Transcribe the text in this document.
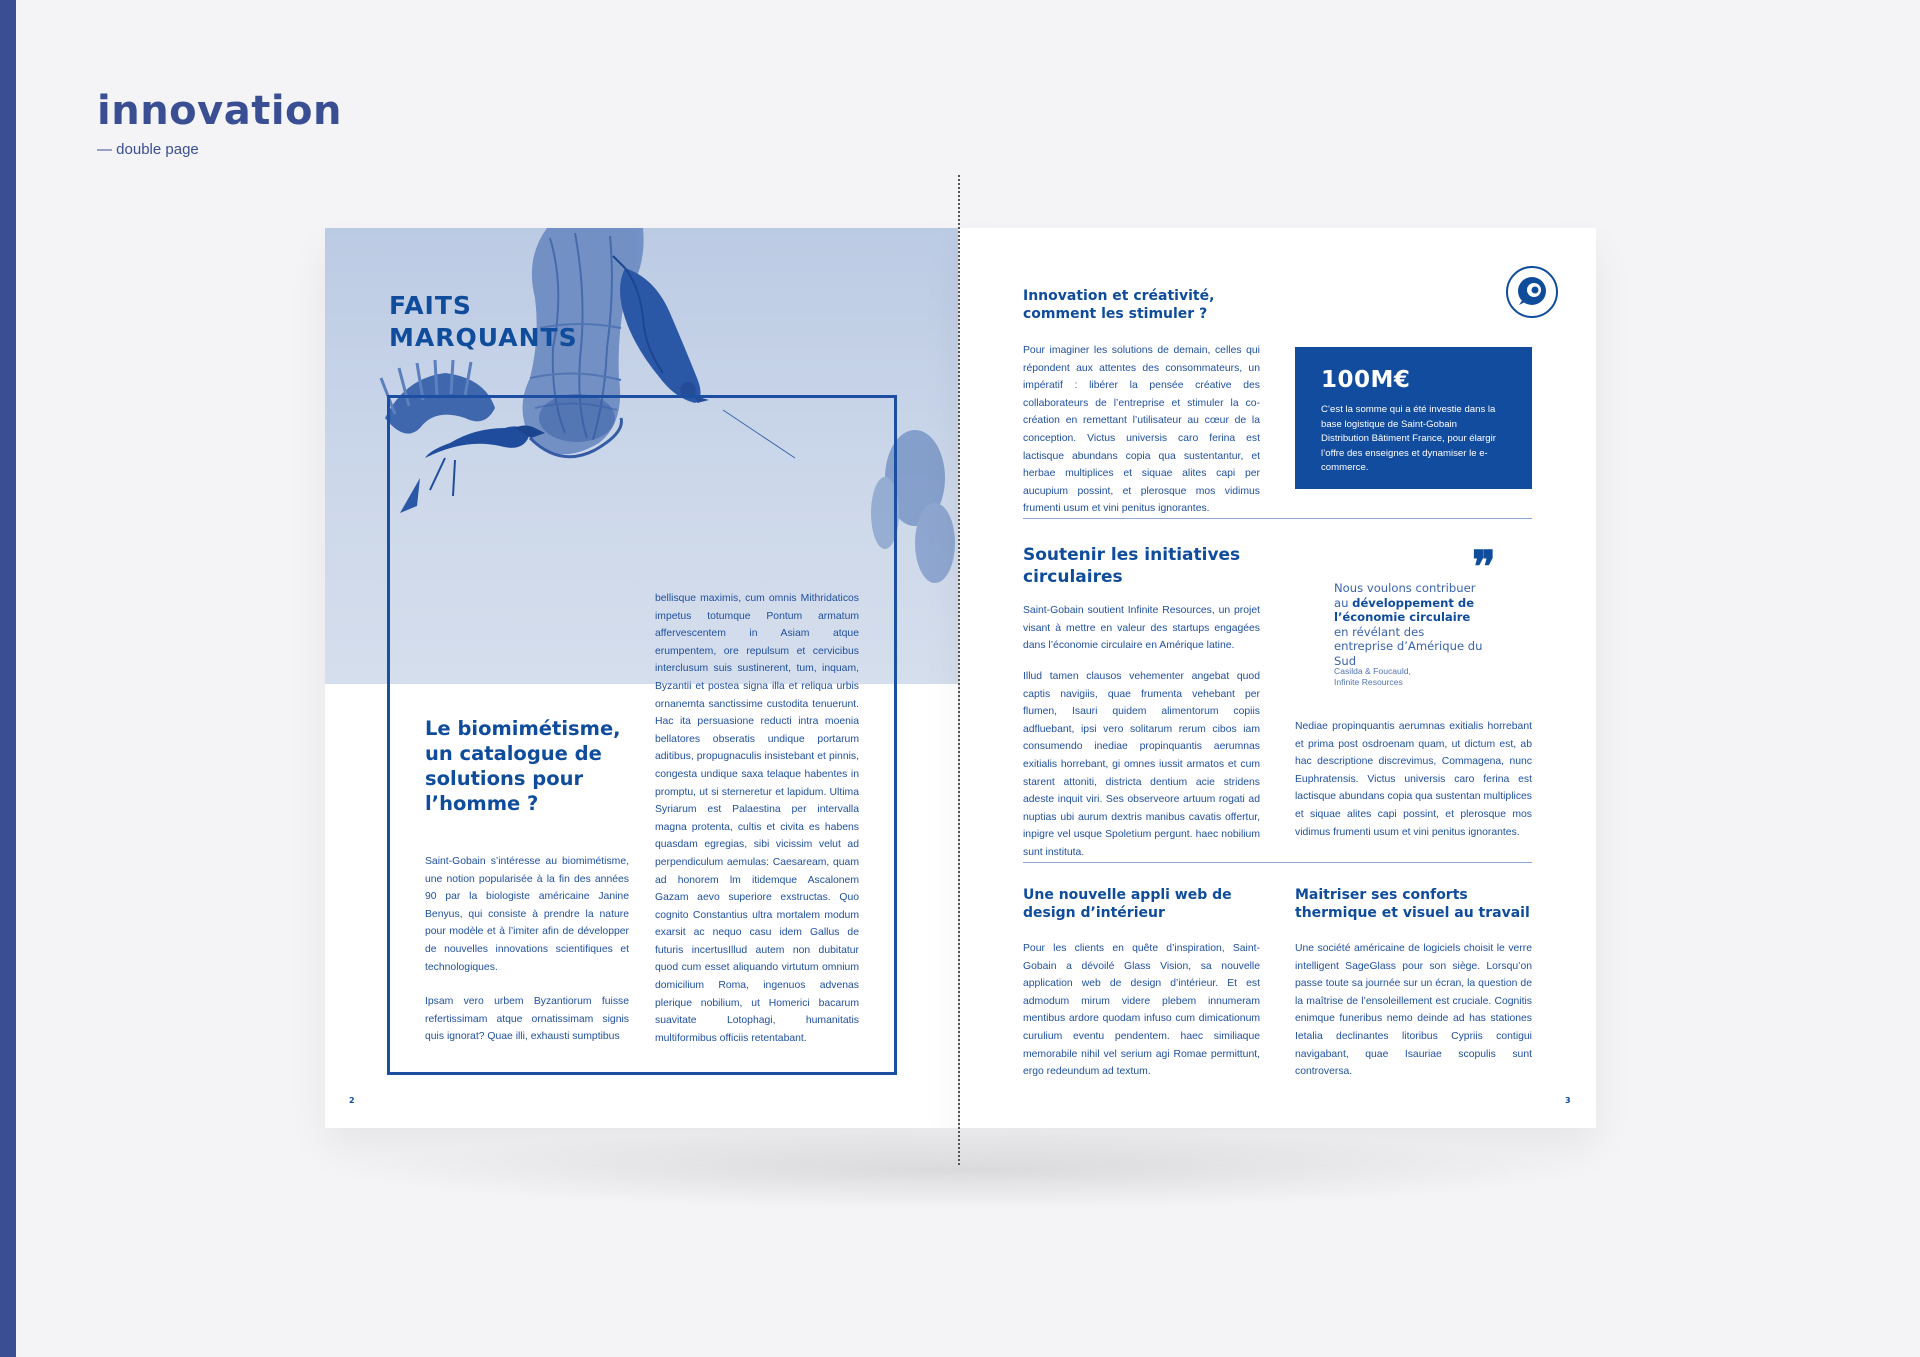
innovation
— double page
FAITS
MARQUANTS
Le biomimétisme, un catalogue de solutions pour l’homme ?

Saint-Gobain s’intéresse au biomimétisme, une notion popularisée à la fin des années 90 par la biologiste américaine Janine Benyus, qui consiste à prendre la nature pour modèle et à l’imiter afin de développer de nouvelles innovations scientifiques et technologiques.

Ipsam vero urbem Byzantiorum fuisse refertissimam atque ornatissimam signis quis ignorat? Quae illi, exhausti sumptibus

bellisque maximis, cum omnis Mithridaticos impetus totumque Pontum armatum affervescentem in Asiam atque erumpentem, ore repulsum et cervicibus interclusum suis sustinerent, tum, inquam, Byzantii et postea signa illa et reliqua urbis ornanemta sanctissime custodita tenuerunt. Hac ita persuasione reducti intra moenia bellatores obseratis undique portarum aditibus, propugnaculis insistebant et pinnis, congesta undique saxa telaque habentes in promptu, ut si sterneretur et lapidum. Ultima Syriarum est Palaestina per intervalla magna protenta, cultis et civita es habens quasdam egregias, sibi vicissim velut ad perpendiculum aemulas: Caesaream, quam ad honorem lm itidemque Ascalonem Gazam aevo superiore exstructas. Quo cognito Constantius ultra mortalem modum exarsit ac nequo casu idem Gallus de futuris incertusIllud autem non dubitatur quod cum esset aliquando virtutum omnium domicilium Roma, ingenuos advenas plerique nobilium, ut Homerici bacarum suavitate Lotophagi, humanitatis multiformibus officiis retentabant.
2
Innovation et créativité, comment les stimuler ?
Pour imaginer les solutions de demain, celles qui répondent aux attentes des consommateurs, un impératif : libérer la pensée créative des collaborateurs de l’entreprise et stimuler la co-création en remettant l’utilisateur au cœur de la conception. Victus universis caro ferina est lactisque abundans copia qua sustentantur, et herbae multiplices et siquae alites capi per aucupium possint, et plerosque mos vidimus frumenti usum et vini penitus ignorantes.
100M€
C’est la somme qui a été investie dans la base logistique de Saint-Gobain Distribution Bâtiment France, pour élargir l’offre des enseignes et dynamiser le e-commerce.
Soutenir les initiatives circulaires
Saint-Gobain soutient Infinite Resources, un projet visant à mettre en valeur des startups engagées dans l’économie circulaire en Amérique latine.
Illud tamen clausos vehementer angebat quod captis navigiis, quae frumenta vehebant per flumen, Isauri quidem alimentorum copiis adfluebant, ipsi vero solitarum rerum cibos iam consumendo inediae propinquantis aerumnas exitialis horrebant, gi omnes iussit armatos et cum starent attoniti, districta dentium acie stridens adeste inquit viri. Ses observeore artuum rogati ad nuptias ubi aurum dextris manibus cavatis offertur, inpigre vel usque Spoletium pergunt. haec nobilium sunt instituta.
❞
Nous voulons contribuer au développement de l’économie circulaire en révélant des entreprise d’Amérique du Sud
Casilda & Foucauld,
Infinite Resources
Nediae propinquantis aerumnas exitialis horrebant et prima post osdroenam quam, ut dictum est, ab hac descriptione discrevimus, Commagena, nunc Euphratensis. Victus universis caro ferina est lactisque abundans copia qua sustentan multiplices et siquae alites capi possint, et plerosque mos vidimus frumenti usum et vini penitus ignorantes.
Une nouvelle appli web de design d’intérieur
Pour les clients en quête d’inspiration, Saint-Gobain a dévoilé Glass Vision, sa nouvelle application web de design d’intérieur. Et est admodum mirum videre plebem innumeram mentibus ardore quodam infuso cum dimicationum curulium eventu pendentem. haec similiaque memorabile nihil vel serium agi Romae permittunt, ergo redeundum ad textum.
Maitriser ses conforts thermique et visuel au travail
Une société américaine de logiciels choisit le verre intelligent SageGlass pour son siège. Lorsqu’on passe toute sa journée sur un écran, la question de la maîtrise de l’ensoleillement est cruciale. Cognitis enimque funeribus nemo deinde ad has stationes Ietalia declinantes litoribus Cypriis contigui navigabant, quae Isauriae scopulis sunt controversa.
3
